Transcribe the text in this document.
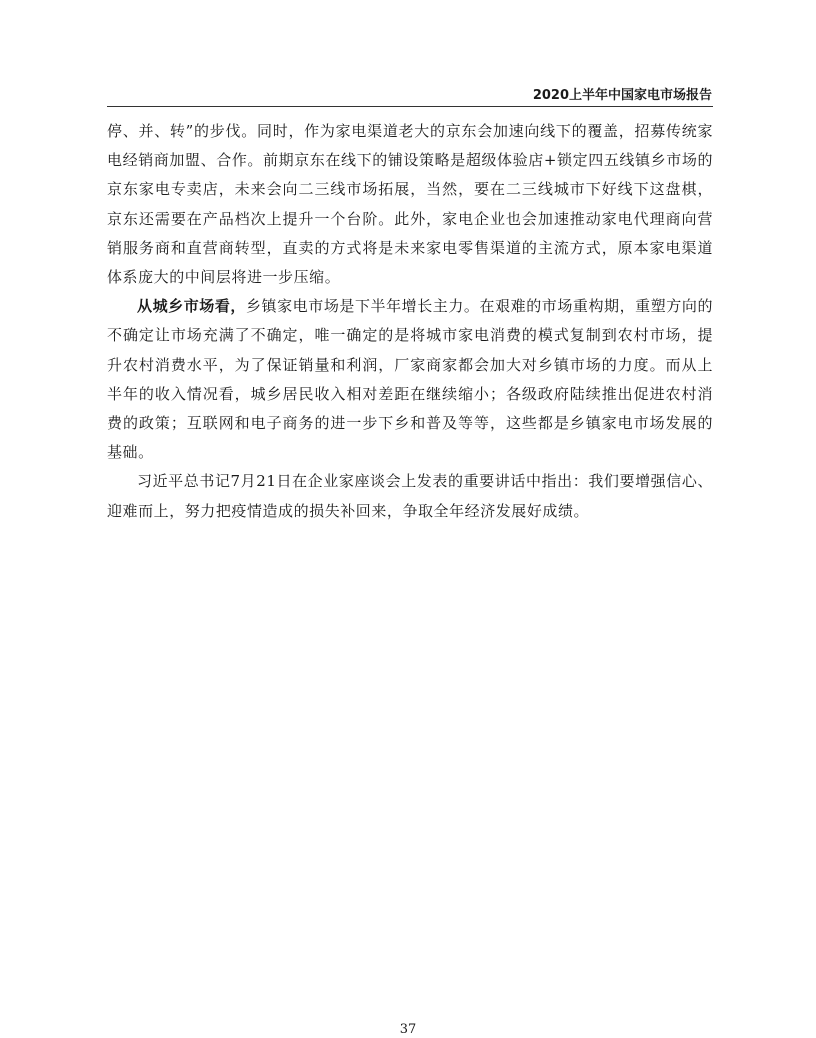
2020上半年中国家电市场报告

停、并、转”的步伐。同时，作为家电渠道老大的京东会加速向线下的覆盖，招募传统家电经销商加盟、合作。前期京东在线下的铺设策略是超级体验店+锁定四五线镇乡市场的京东家电专卖店，未来会向二三线市场拓展，当然，要在二三线城市下好线下这盘棋，京东还需要在产品档次上提升一个台阶。此外，家电企业也会加速推动家电代理商向营销服务商和直营商转型，直卖的方式将是未来家电零售渠道的主流方式，原本家电渠道体系庞大的中间层将进一步压缩。

从城乡市场看，乡镇家电市场是下半年增长主力。在艰难的市场重构期，重塑方向的不确定让市场充满了不确定，唯一确定的是将城市家电消费的模式复制到农村市场，提升农村消费水平，为了保证销量和利润，厂家商家都会加大对乡镇市场的力度。而从上半年的收入情况看，城乡居民收入相对差距在继续缩小；各级政府陆续推出促进农村消费的政策；互联网和电子商务的进一步下乡和普及等等，这些都是乡镇家电市场发展的基础。

习近平总书记7月21日在企业家座谈会上发表的重要讲话中指出：我们要增强信心、迎难而上，努力把疫情造成的损失补回来，争取全年经济发展好成绩。

37
